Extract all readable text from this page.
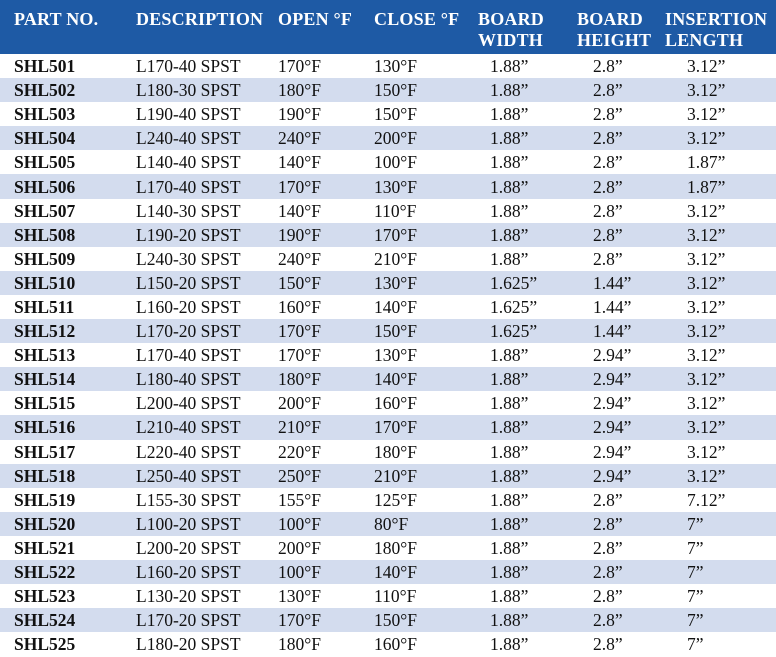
PART NO.	DESCRIPTION	OPEN °F	CLOSE °F	BOARD	BOARD	INSERTION
				WIDTH	HEIGHT	LENGTH
SHL501	L170-40 SPST	170°F	130°F	1.88”	2.8”	3.12”
SHL502	L180-30 SPST	180°F	150°F	1.88”	2.8”	3.12”
SHL503	L190-40 SPST	190°F	150°F	1.88”	2.8”	3.12”
SHL504	L240-40 SPST	240°F	200°F	1.88”	2.8”	3.12”
SHL505	L140-40 SPST	140°F	100°F	1.88”	2.8”	1.87”
SHL506	L170-40 SPST	170°F	130°F	1.88”	2.8”	1.87”
SHL507	L140-30 SPST	140°F	110°F	1.88”	2.8”	3.12”
SHL508	L190-20 SPST	190°F	170°F	1.88”	2.8”	3.12”
SHL509	L240-30 SPST	240°F	210°F	1.88”	2.8”	3.12”
SHL510	L150-20 SPST	150°F	130°F	1.625”	1.44”	3.12”
SHL511	L160-20 SPST	160°F	140°F	1.625”	1.44”	3.12”
SHL512	L170-20 SPST	170°F	150°F	1.625”	1.44”	3.12”
SHL513	L170-40 SPST	170°F	130°F	1.88”	2.94”	3.12”
SHL514	L180-40 SPST	180°F	140°F	1.88”	2.94”	3.12”
SHL515	L200-40 SPST	200°F	160°F	1.88”	2.94”	3.12”
SHL516	L210-40 SPST	210°F	170°F	1.88”	2.94”	3.12”
SHL517	L220-40 SPST	220°F	180°F	1.88”	2.94”	3.12”
SHL518	L250-40 SPST	250°F	210°F	1.88”	2.94”	3.12”
SHL519	L155-30 SPST	155°F	125°F	1.88”	2.8”	7.12”
SHL520	L100-20 SPST	100°F	80°F	1.88”	2.8”	7”
SHL521	L200-20 SPST	200°F	180°F	1.88”	2.8”	7”
SHL522	L160-20 SPST	100°F	140°F	1.88”	2.8”	7”
SHL523	L130-20 SPST	130°F	110°F	1.88”	2.8”	7”
SHL524	L170-20 SPST	170°F	150°F	1.88”	2.8”	7”
SHL525	L180-20 SPST	180°F	160°F	1.88”	2.8”	7”
